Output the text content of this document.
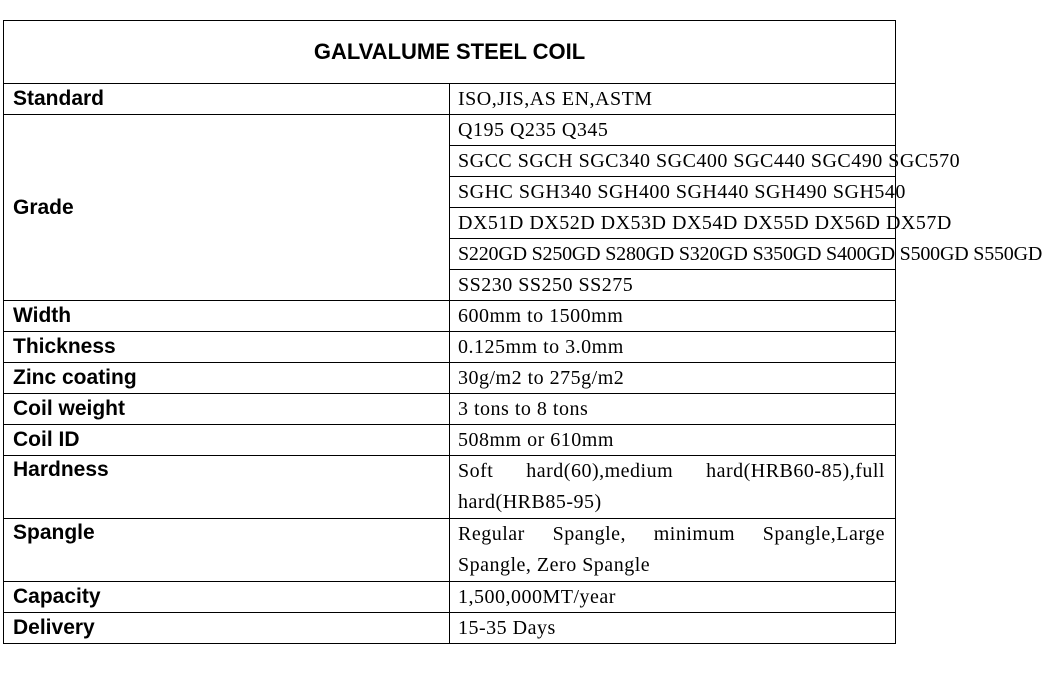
GALVALUME STEEL COIL	
Standard	ISO,JIS,AS EN,ASTM
Grade	Q195 Q235 Q345
	SGCC SGCH SGC340 SGC400 SGC440 SGC490 SGC570
	SGHC SGH340 SGH400 SGH440 SGH490 SGH540
	DX51D DX52D DX53D DX54D DX55D DX56D DX57D
	S220GD S250GD S280GD S320GD S350GD S400GD S500GD S550GD
	SS230 SS250 SS275
Width	600mm to 1500mm
Thickness	0.125mm to 3.0mm
Zinc coating	30g/m2 to 275g/m2
Coil weight	3 tons to 8 tons
Coil ID	508mm or 610mm
Hardness	Soft hard(60),medium hard(HRB60-85),full hard(HRB85-95)
Spangle	Regular Spangle, minimum Spangle,Large Spangle, Zero Spangle
Capacity	1,500,000MT/year
Delivery	15-35 Days
